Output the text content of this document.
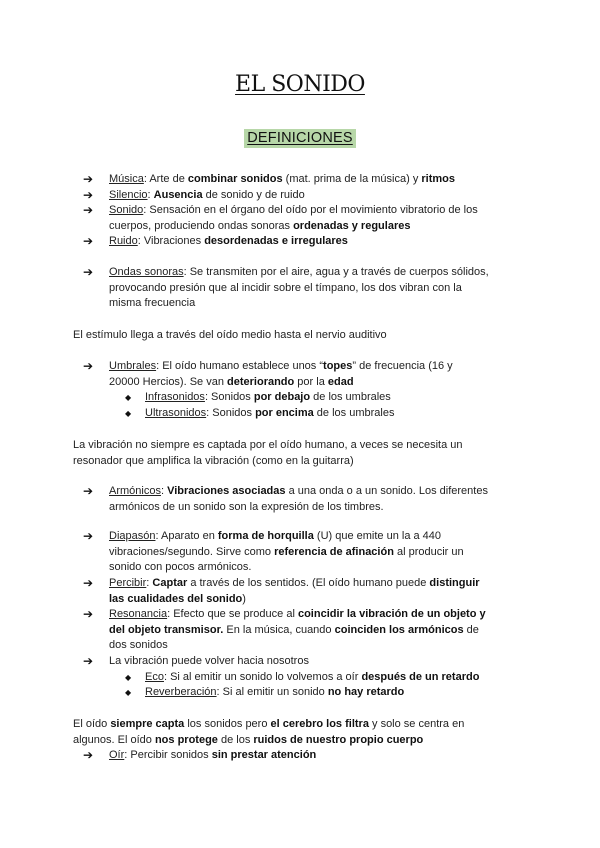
EL SONIDO
DEFINICIONES
➔	Música: Arte de combinar sonidos (mat. prima de la música) y ritmos
➔	Silencio: Ausencia de sonido y de ruido
➔	Sonido: Sensación en el órgano del oído por el movimiento vibratorio de los
cuerpos, produciendo ondas sonoras ordenadas y regulares
➔	Ruido: Vibraciones desordenadas e irregulares
➔	Ondas sonoras: Se transmiten por el aire, agua y a través de cuerpos sólidos,
provocando presión que al incidir sobre el tímpano, los dos vibran con la
misma frecuencia
El estímulo llega a través del oído medio hasta el nervio auditivo
➔	Umbrales: El oído humano establece unos “topes” de frecuencia (16 y
20000 Hercios). Se van deteriorando por la edad
◆ Infrasonidos: Sonidos por debajo de los umbrales
◆ Ultrasonidos: Sonidos por encima de los umbrales
La vibración no siempre es captada por el oído humano, a veces se necesita un
resonador que amplifica la vibración (como en la guitarra)
➔	Armónicos: Vibraciones asociadas a una onda o a un sonido. Los diferentes
armónicos de un sonido son la expresión de los timbres.
➔	Diapasón: Aparato en forma de horquilla (U) que emite un la a 440
vibraciones/segundo. Sirve como referencia de afinación al producir un
sonido con pocos armónicos.
➔	Percibir: Captar a través de los sentidos. (El oído humano puede distinguir
las cualidades del sonido)
➔	Resonancia: Efecto que se produce al coincidir la vibración de un objeto y
del objeto transmisor. En la música, cuando coinciden los armónicos de
dos sonidos
➔	La vibración puede volver hacia nosotros
◆ Eco: Si al emitir un sonido lo volvemos a oír después de un retardo
◆ Reverberación: Si al emitir un sonido no hay retardo
El oído siempre capta los sonidos pero el cerebro los filtra y solo se centra en
algunos. El oído nos protege de los ruidos de nuestro propio cuerpo
➔	Oír: Percibir sonidos sin prestar atención
